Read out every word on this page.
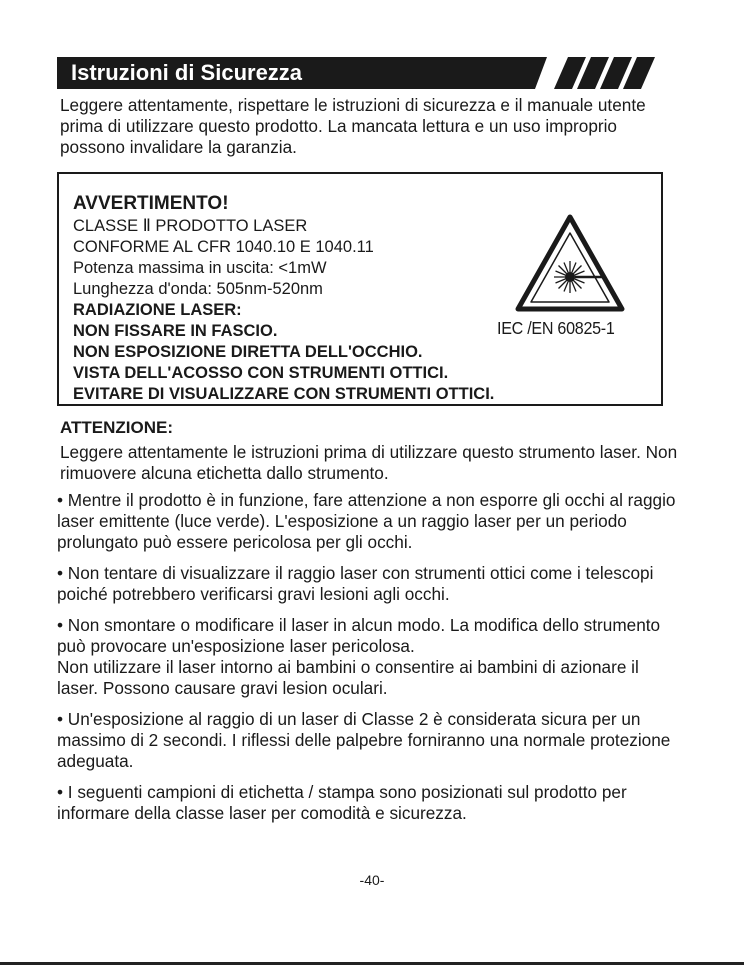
Istruzioni di Sicurezza

Leggere attentamente, rispettare le istruzioni di sicurezza e il manuale utente prima di utilizzare questo prodotto. La mancata lettura e un uso improprio possono invalidare la garanzia.

AVVERTIMENTO!
CLASSE Ⅱ PRODOTTO LASER
CONFORME AL CFR 1040.10 E 1040.11
Potenza massima in uscita: <1mW
Lunghezza d'onda: 505nm-520nm
RADIAZIONE LASER:
NON FISSARE IN FASCIO.
NON ESPOSIZIONE DIRETTA DELL'OCCHIO.
VISTA DELL'ACOSSO CON STRUMENTI OTTICI.
EVITARE DI VISUALIZZARE CON STRUMENTI OTTICI.
IEC /EN 60825-1
ATTENZIONE:

Leggere attentamente le istruzioni prima di utilizzare questo strumento laser. Non rimuovere alcuna etichetta dallo strumento.

• Mentre il prodotto è in funzione, fare attenzione a non esporre gli occhi al raggio laser emittente (luce verde). L'esposizione a un raggio laser per un periodo prolungato può essere pericolosa per gli occhi.

• Non tentare di visualizzare il raggio laser con strumenti ottici come i telescopi poiché potrebbero verificarsi gravi lesioni agli occhi.

• Non smontare o modificare il laser in alcun modo. La modifica dello strumento può provocare un'esposizione laser pericolosa.
Non utilizzare il laser intorno ai bambini o consentire ai bambini di azionare il laser. Possono causare gravi lesion oculari.

• Un'esposizione al raggio di un laser di Classe 2 è considerata sicura per un massimo di 2 secondi. I riflessi delle palpebre forniranno una normale protezione adeguata.

• I seguenti campioni di etichetta / stampa sono posizionati sul prodotto per informare della classe laser per comodità e sicurezza.

-40-
